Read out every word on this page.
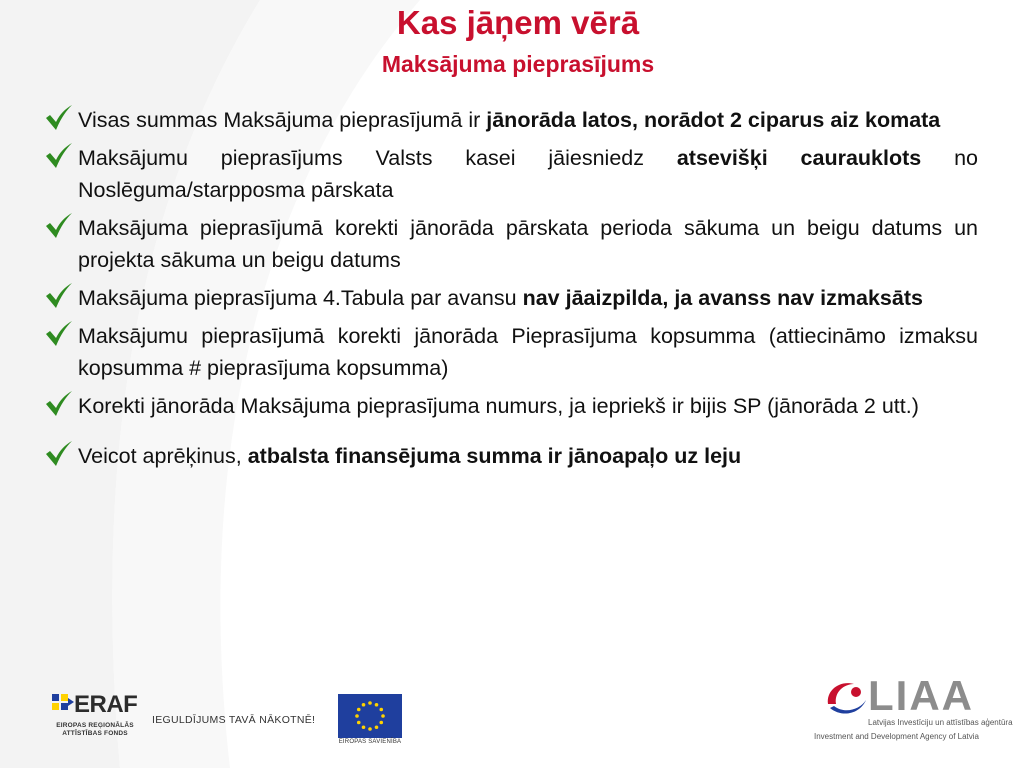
Kas jāņem vērā
Maksājuma pieprasījums
Visas summas Maksājuma pieprasījumā ir jānorāda latos, norādot 2 ciparus aiz komata
Maksājumu pieprasījums Valsts kasei jāiesniedz atsevišķi caurauklots no Noslēguma/starpposma pārskata
Maksājuma pieprasījumā korekti jānorāda pārskata perioda sākuma un beigu datums un projekta sākuma un beigu datums
Maksājuma pieprasījuma 4.Tabula par avansu nav jāaizpilda, ja avanss nav izmaksāts
Maksājumu pieprasījumā korekti jānorāda Pieprasījuma kopsumma (attiecināmo izmaksu kopsumma # pieprasījuma kopsumma)
Korekti jānorāda Maksājuma pieprasījuma numurs, ja iepriekš ir bijis SP (jānorāda 2 utt.)
Veicot aprēķinus, atbalsta finansējuma summa ir jānoapaļo uz leju
ERAF
EIROPAS REĢIONĀLĀS
ATTĪSTĪBAS FONDS
IEGULDĪJUMS TAVĀ NĀKOTNĒ!
EIROPAS SAVIENĪBA
LIAA
Latvijas Investīciju un attīstības aģentūra
Investment and Development Agency of Latvia
